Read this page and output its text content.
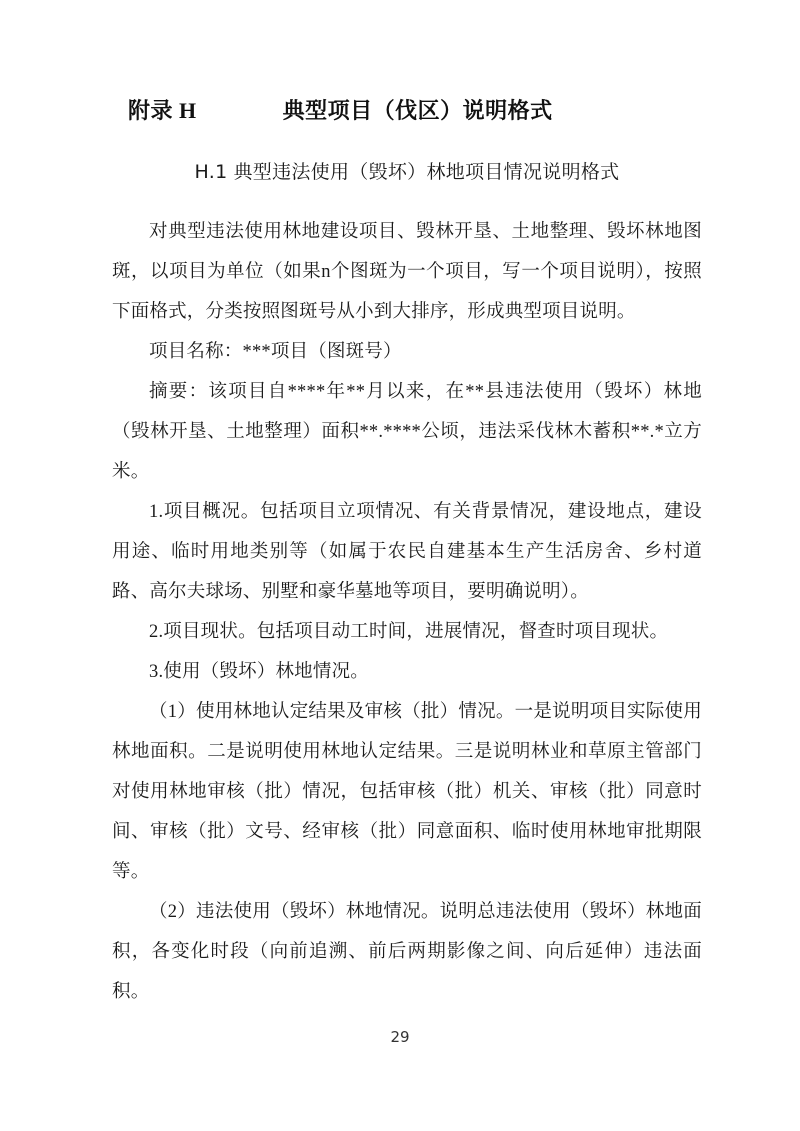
附录 H	典型项目（伐区）说明格式
H.1 典型违法使用（毁坏）林地项目情况说明格式

对典型违法使用林地建设项目、毁林开垦、土地整理、毁坏林地图斑，以项目为单位（如果n个图斑为一个项目，写一个项目说明），按照下面格式，分类按照图斑号从小到大排序，形成典型项目说明。

项目名称：***项目（图斑号）

摘要：该项目自****年**月以来，在**县违法使用（毁坏）林地（毁林开垦、土地整理）面积**.****公顷，违法采伐林木蓄积**.*立方米。

1.项目概况。包括项目立项情况、有关背景情况，建设地点，建设用途、临时用地类别等（如属于农民自建基本生产生活房舍、乡村道路、高尔夫球场、别墅和豪华墓地等项目，要明确说明）。

2.项目现状。包括项目动工时间，进展情况，督查时项目现状。

3.使用（毁坏）林地情况。

（1）使用林地认定结果及审核（批）情况。一是说明项目实际使用林地面积。二是说明使用林地认定结果。三是说明林业和草原主管部门对使用林地审核（批）情况，包括审核（批）机关、审核（批）同意时间、审核（批）文号、经审核（批）同意面积、临时使用林地审批期限等。

（2）违法使用（毁坏）林地情况。说明总违法使用（毁坏）林地面积，各变化时段（向前追溯、前后两期影像之间、向后延伸）违法面积。

29
